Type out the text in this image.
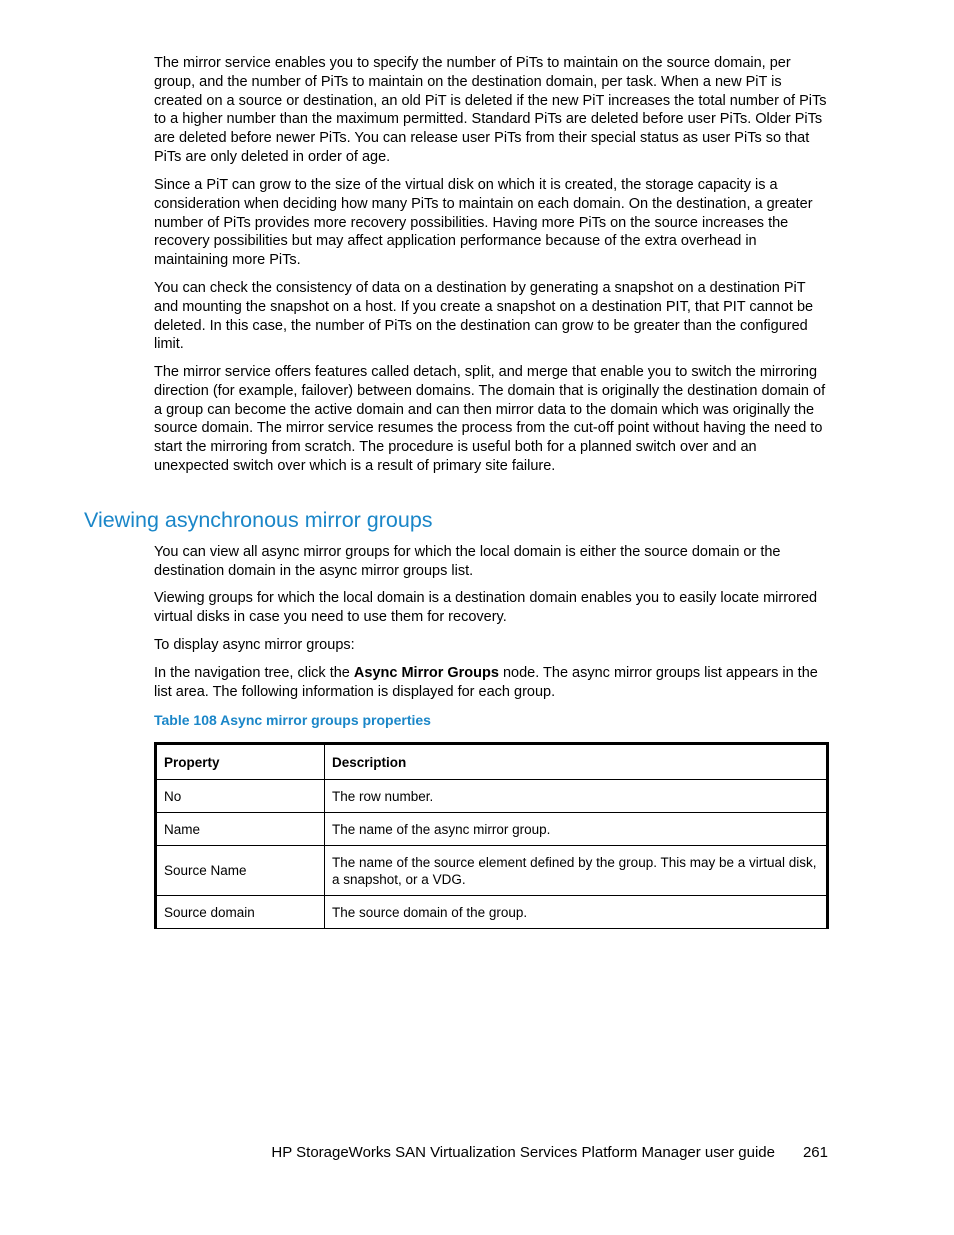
The mirror service enables you to specify the number of PiTs to maintain on the source domain, per group, and the number of PiTs to maintain on the destination domain, per task. When a new PiT is created on a source or destination, an old PiT is deleted if the new PiT increases the total number of PiTs to a higher number than the maximum permitted. Standard PiTs are deleted before user PiTs. Older PiTs are deleted before newer PiTs. You can release user PiTs from their special status as user PiTs so that PiTs are only deleted in order of age.

Since a PiT can grow to the size of the virtual disk on which it is created, the storage capacity is a consideration when deciding how many PiTs to maintain on each domain. On the destination, a greater number of PiTs provides more recovery possibilities. Having more PiTs on the source increases the recovery possibilities but may affect application performance because of the extra overhead in maintaining more PiTs.

You can check the consistency of data on a destination by generating a snapshot on a destination PiT and mounting the snapshot on a host. If you create a snapshot on a destination PIT, that PIT cannot be deleted. In this case, the number of PiTs on the destination can grow to be greater than the configured limit.

The mirror service offers features called detach, split, and merge that enable you to switch the mirroring direction (for example, failover) between domains. The domain that is originally the destination domain of a group can become the active domain and can then mirror data to the domain which was originally the source domain. The mirror service resumes the process from the cut-off point without having the need to start the mirroring from scratch. The procedure is useful both for a planned switch over and an unexpected switch over which is a result of primary site failure.

Viewing asynchronous mirror groups

You can view all async mirror groups for which the local domain is either the source domain or the destination domain in the async mirror groups list.

Viewing groups for which the local domain is a destination domain enables you to easily locate mirrored virtual disks in case you need to use them for recovery.

To display async mirror groups:

In the navigation tree, click the Async Mirror Groups node. The async mirror groups list appears in the list area. The following information is displayed for each group.

Table 108 Async mirror groups properties

Property	Description
No	The row number.
Name	The name of the async mirror group.
Source Name	The name of the source element defined by the group. This may be a virtual disk, a snapshot, or a VDG.
Source domain	The source domain of the group.

HP StorageWorks SAN Virtualization Services Platform Manager user guide 261
